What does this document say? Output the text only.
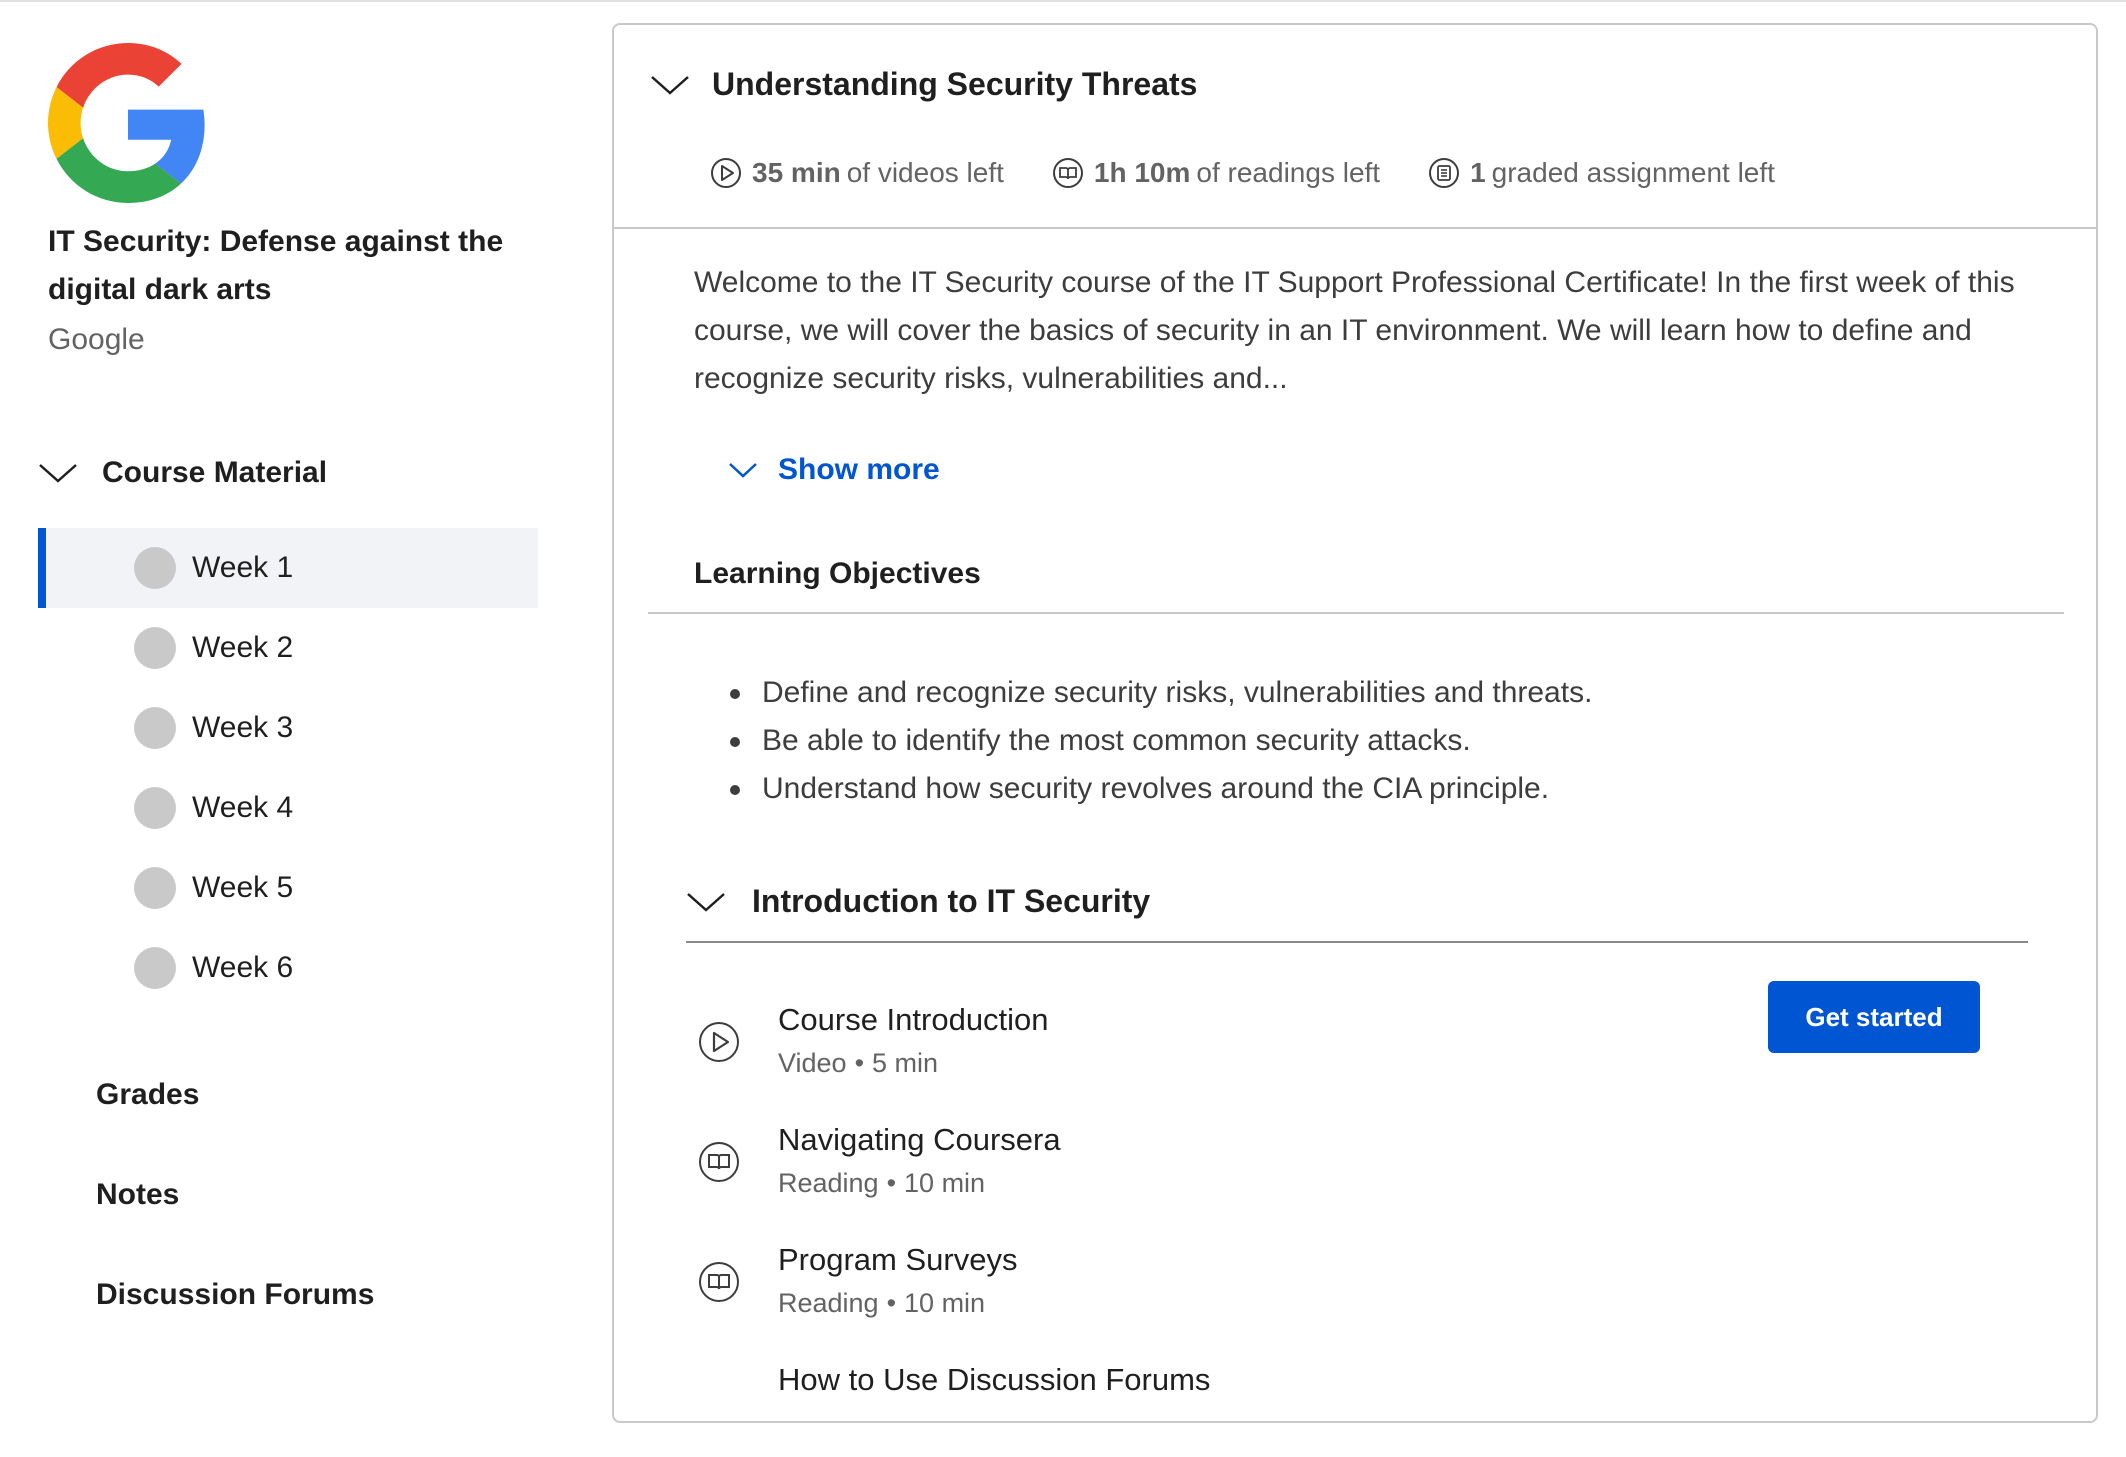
IT Security: Defense against the digital dark arts
Google
Course Material
Week 1
Week 2
Week 3
Week 4
Week 5
Week 6
Grades
Notes
Discussion Forums
Understanding Security Threats
35 min of videos left	1h 10m of readings left	1 graded assignment left

Welcome to the IT Security course of the IT Support Professional Certificate! In the first week of this course, we will cover the basics of security in an IT environment. We will learn how to define and recognize security risks, vulnerabilities and...

Show more
Learning Objectives
Define and recognize security risks, vulnerabilities and threats.
Be able to identify the most common security attacks.
Understand how security revolves around the CIA principle.
Introduction to IT Security
Course Introduction
Video • 5 min
Navigating Coursera
Reading • 10 min
Program Surveys
Reading • 10 min
How to Use Discussion Forums
Get started
